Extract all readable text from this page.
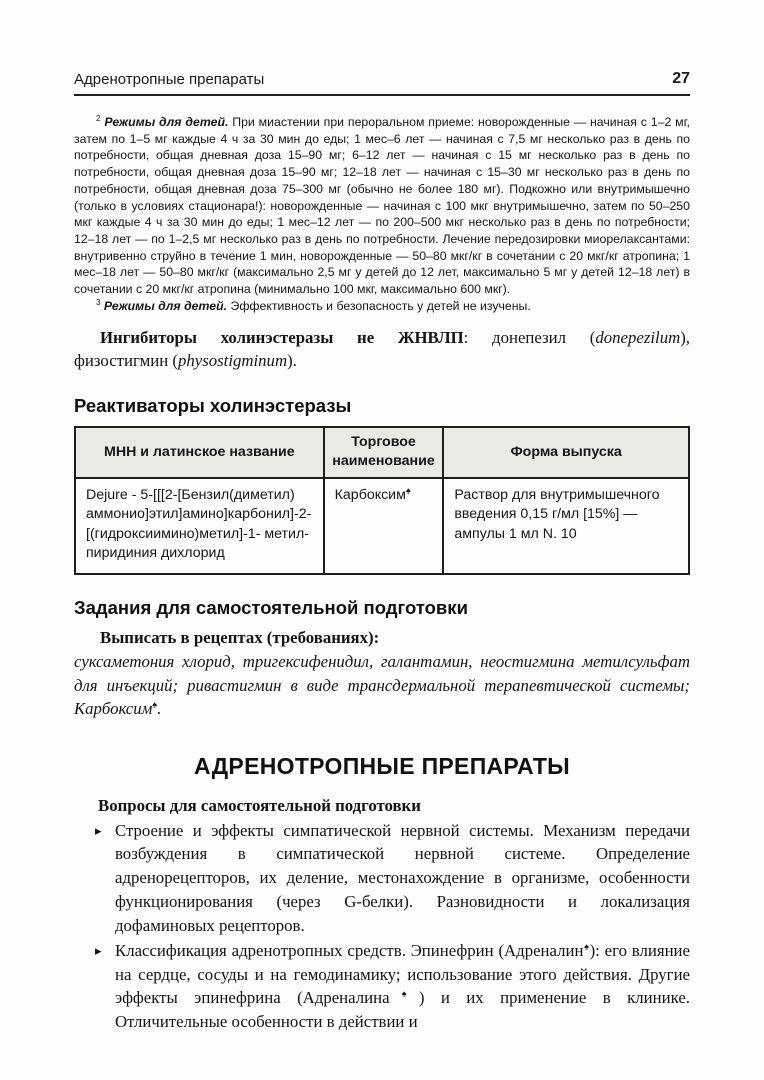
Адренотропные препараты	27

$^2$ Режимы для детей. При миастении при пероральном приеме: новорожденные — начиная с 1–2 мг, затем по 1–5 мг каждые 4 ч за 30 мин до еды; 1 мес–6 лет — начиная с 7,5 мг несколько раз в день по потребности, общая дневная доза 15–90 мг; 6–12 лет — начиная с 15 мг несколько раз в день по потребности, общая дневная доза 15–90 мг; 12–18 лет — начиная с 15–30 мг несколько раз в день по потребности, общая дневная доза 75–300 мг (обычно не более 180 мг). Подкожно или внутримышечно (только в условиях стационара!): новорожденные — начиная с 100 мкг внутримышечно, затем по 50–250 мкг каждые 4 ч за 30 мин до еды; 1 мес–12 лет — по 200–500 мкг несколько раз в день по потребности; 12–18 лет — по 1–2,5 мг несколько раз в день по потребности. Лечение передозировки миорелаксантами: внутривенно струйно в течение 1 мин, новорожденные — 50–80 мкг/кг в сочетании с 20 мкг/кг атропина; 1 мес–18 лет — 50–80 мкг/кг (максимально 2,5 мг у детей до 12 лет, максимально 5 мг у детей 12–18 лет) в сочетании с 20 мкг/кг атропина (минимально 100 мкг, максимально 600 мкг).

$^3$ Режимы для детей. Эффективность и безопасность у детей не изучены.

Ингибиторы холинэстеразы не ЖНВЛП: донепезил (donepezilum), физостигмин (physostigminum).

Реактиваторы холинэстеразы
МНН и латинское название	Торговое наименование	Форма выпуска
Dejure - 5-[[[2-[Бензил(диметил)
аммонио]этил]амино]карбонил]-2-
[(гидроксиимино)метил]-1- метил-
пиридиния дихлорид	Карбоксим♠	Раствор для внутримышечного
введения 0,15 г/мл [15%] —
ампулы 1 мл N. 10
Задания для самостоятельной подготовки

Выписать в рецептах (требованиях):

суксаметония хлорид, тригексифенидил, галантамин, неостигмина метилсульфат для инъекций; ривастигмин в виде трансдермальной терапевтической системы; Карбоксим♠.

АДРЕНОТРОПНЫЕ ПРЕПАРАТЫ
Вопросы для самостоятельной подготовки
▸ Строение и эффекты симпатической нервной системы. Механизм передачи возбуждения в симпатической нервной системе. Определение адренорецепторов, их деление, местонахождение в организме, особенности функционирования (через G-белки). Разновидности и локализация дофаминовых рецепторов.
▸ Классификация адренотропных средств. Эпинефрин (Адреналин♠): его влияние на сердце, сосуды и на гемодинамику; использование этого действия. Другие эффекты эпинефрина (Адреналина♠) и их применение в клинике. Отличительные особенности в действии и
